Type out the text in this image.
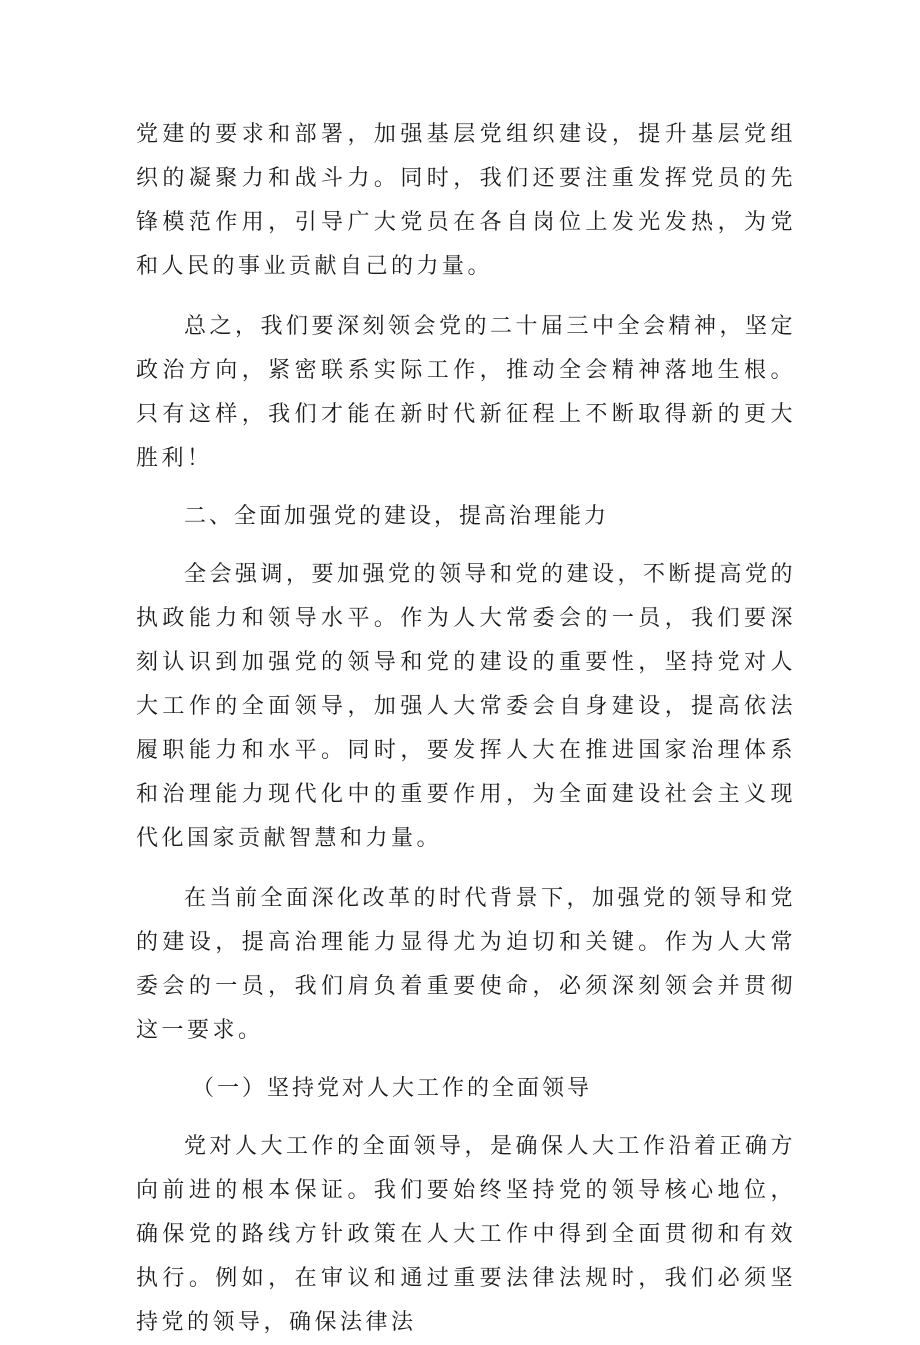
党建的要求和部署，加强基层党组织建设，提升基层党组织的凝聚力和战斗力。同时，我们还要注重发挥党员的先锋模范作用，引导广大党员在各自岗位上发光发热，为党和人民的事业贡献自己的力量。

总之，我们要深刻领会党的二十届三中全会精神，坚定政治方向，紧密联系实际工作，推动全会精神落地生根。只有这样，我们才能在新时代新征程上不断取得新的更大胜利！

二、全面加强党的建设，提高治理能力

全会强调，要加强党的领导和党的建设，不断提高党的执政能力和领导水平。作为人大常委会的一员，我们要深刻认识到加强党的领导和党的建设的重要性，坚持党对人大工作的全面领导，加强人大常委会自身建设，提高依法履职能力和水平。同时，要发挥人大在推进国家治理体系和治理能力现代化中的重要作用，为全面建设社会主义现代化国家贡献智慧和力量。

在当前全面深化改革的时代背景下，加强党的领导和党的建设，提高治理能力显得尤为迫切和关键。作为人大常委会的一员，我们肩负着重要使命，必须深刻领会并贯彻这一要求。

（一）坚持党对人大工作的全面领导

党对人大工作的全面领导，是确保人大工作沿着正确方向前进的根本保证。我们要始终坚持党的领导核心地位，确保党的路线方针政策在人大工作中得到全面贯彻和有效执行。例如，在审议和通过重要法律法规时，我们必须坚持党的领导，确保法律法
